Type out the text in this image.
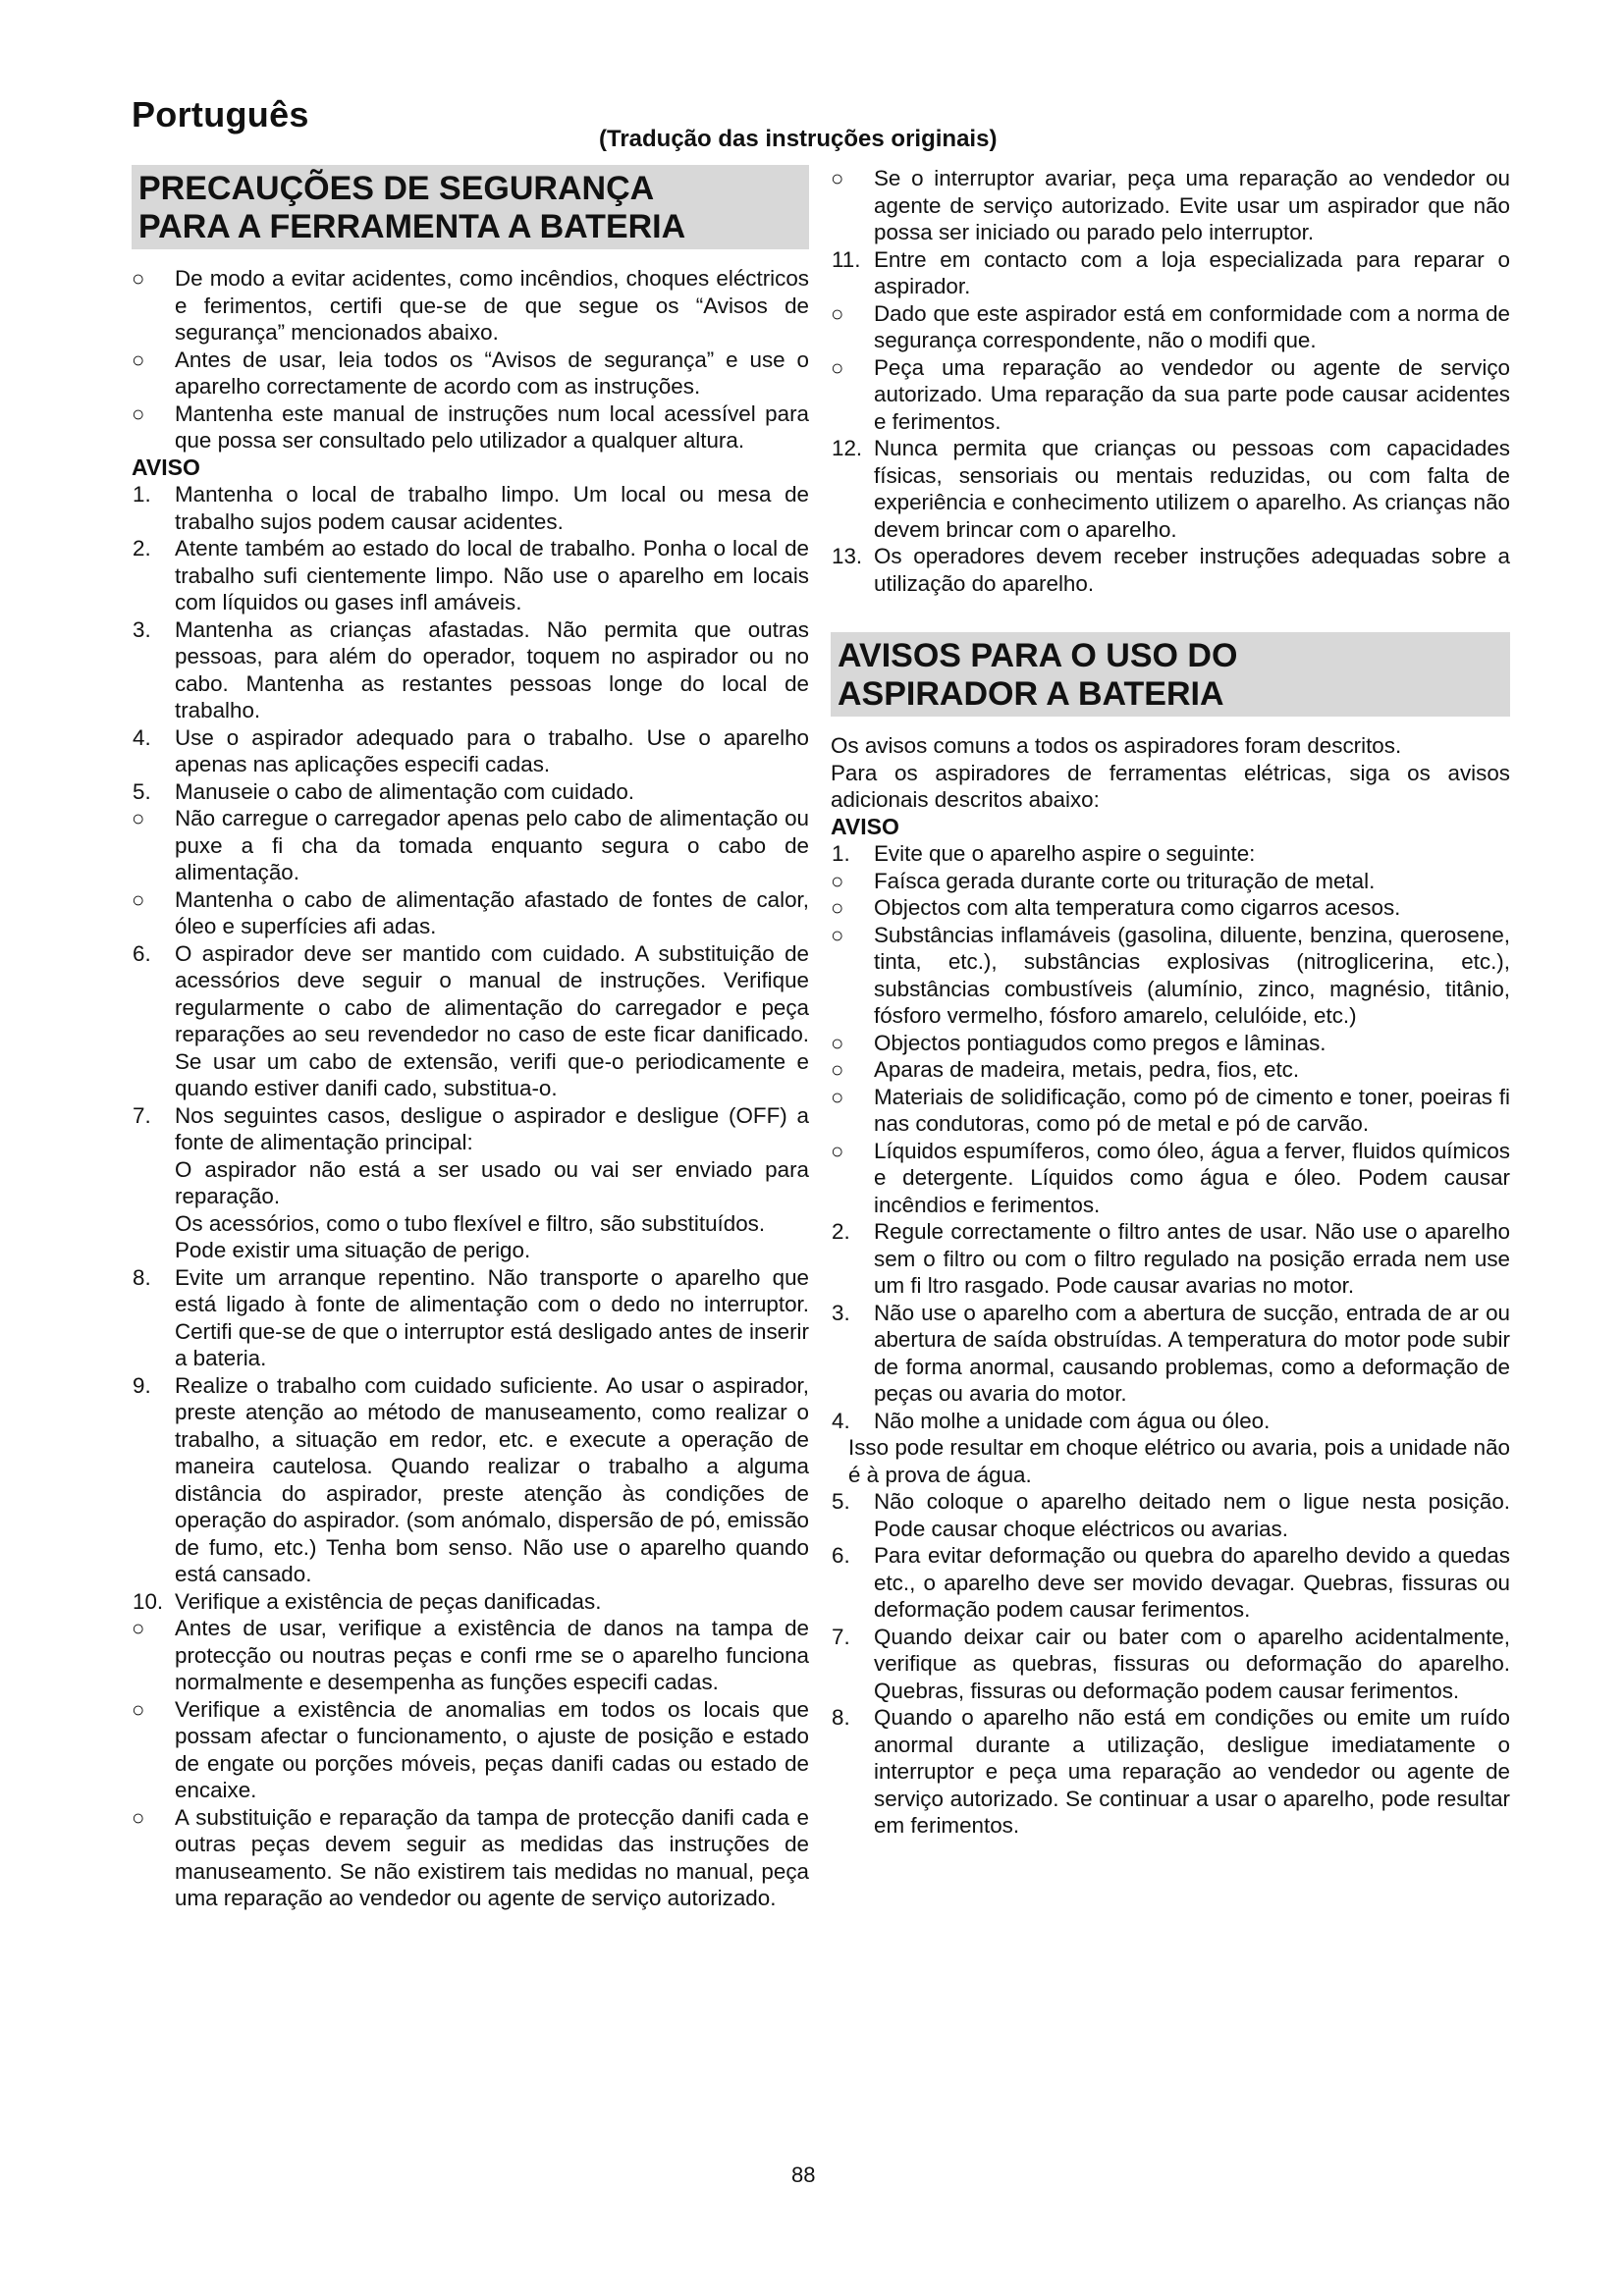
Português
(Tradução das instruções originais)
PRECAUÇÕES DE SEGURANÇA
PARA A FERRAMENTA A BATERIA

○ De modo a evitar acidentes, como incêndios, choques eléctricos e ferimentos, certifi que-se de que segue os “Avisos de segurança” mencionados abaixo.

○ Antes de usar, leia todos os “Avisos de segurança” e use o aparelho correctamente de acordo com as instruções.

○ Mantenha este manual de instruções num local acessível para que possa ser consultado pelo utilizador a qualquer altura.

AVISO

1. Mantenha o local de trabalho limpo. Um local ou mesa de trabalho sujos podem causar acidentes.

2. Atente também ao estado do local de trabalho. Ponha o local de trabalho sufi cientemente limpo. Não use o aparelho em locais com líquidos ou gases infl amáveis.

3. Mantenha as crianças afastadas. Não permita que outras pessoas, para além do operador, toquem no aspirador ou no cabo. Mantenha as restantes pessoas longe do local de trabalho.

4. Use o aspirador adequado para o trabalho. Use o aparelho apenas nas aplicações especifi cadas.

5. Manuseie o cabo de alimentação com cuidado.

○ Não carregue o carregador apenas pelo cabo de alimentação ou puxe a fi cha da tomada enquanto segura o cabo de alimentação.

○ Mantenha o cabo de alimentação afastado de fontes de calor, óleo e superfícies afi adas.

6. O aspirador deve ser mantido com cuidado. A substituição de acessórios deve seguir o manual de instruções. Verifique regularmente o cabo de alimentação do carregador e peça reparações ao seu revendedor no caso de este ficar danificado. Se usar um cabo de extensão, verifi que-o periodicamente e quando estiver danifi cado, substitua-o.

7. Nos seguintes casos, desligue o aspirador e desligue (OFF) a fonte de alimentação principal:

O aspirador não está a ser usado ou vai ser enviado para reparação.

Os acessórios, como o tubo flexível e filtro, são substituídos.

Pode existir uma situação de perigo.

8. Evite um arranque repentino. Não transporte o aparelho que está ligado à fonte de alimentação com o dedo no interruptor. Certifi que-se de que o interruptor está desligado antes de inserir a bateria.

9. Realize o trabalho com cuidado suficiente. Ao usar o aspirador, preste atenção ao método de manuseamento, como realizar o trabalho, a situação em redor, etc. e execute a operação de maneira cautelosa. Quando realizar o trabalho a alguma distância do aspirador, preste atenção às condições de operação do aspirador. (som anómalo, dispersão de pó, emissão de fumo, etc.) Tenha bom senso. Não use o aparelho quando está cansado.

10. Verifique a existência de peças danificadas.

○ Antes de usar, verifique a existência de danos na tampa de protecção ou noutras peças e confi rme se o aparelho funciona normalmente e desempenha as funções especifi cadas.

○ Verifique a existência de anomalias em todos os locais que possam afectar o funcionamento, o ajuste de posição e estado de engate ou porções móveis, peças danifi cadas ou estado de encaixe.

○ A substituição e reparação da tampa de protecção danifi cada e outras peças devem seguir as medidas das instruções de manuseamento. Se não existirem tais medidas no manual, peça uma reparação ao vendedor ou agente de serviço autorizado.

○ Se o interruptor avariar, peça uma reparação ao vendedor ou agente de serviço autorizado. Evite usar um aspirador que não possa ser iniciado ou parado pelo interruptor.

11. Entre em contacto com a loja especializada para reparar o aspirador.

○ Dado que este aspirador está em conformidade com a norma de segurança correspondente, não o modifi que.

○ Peça uma reparação ao vendedor ou agente de serviço autorizado. Uma reparação da sua parte pode causar acidentes e ferimentos.

12. Nunca permita que crianças ou pessoas com capacidades físicas, sensoriais ou mentais reduzidas, ou com falta de experiência e conhecimento utilizem o aparelho. As crianças não devem brincar com o aparelho.

13. Os operadores devem receber instruções adequadas sobre a utilização do aparelho.

AVISOS PARA O USO DO
ASPIRADOR A BATERIA

Os avisos comuns a todos os aspiradores foram descritos.

Para os aspiradores de ferramentas elétricas, siga os avisos adicionais descritos abaixo:

AVISO

1. Evite que o aparelho aspire o seguinte:

○ Faísca gerada durante corte ou trituração de metal.

○ Objectos com alta temperatura como cigarros acesos.

○ Substâncias inflamáveis (gasolina, diluente, benzina, querosene, tinta, etc.), substâncias explosivas (nitroglicerina, etc.), substâncias combustíveis (alumínio, zinco, magnésio, titânio, fósforo vermelho, fósforo amarelo, celulóide, etc.)

○ Objectos pontiagudos como pregos e lâminas.

○ Aparas de madeira, metais, pedra, fios, etc.

○ Materiais de solidificação, como pó de cimento e toner, poeiras fi nas condutoras, como pó de metal e pó de carvão.

○ Líquidos espumíferos, como óleo, água a ferver, fluidos químicos e detergente. Líquidos como água e óleo. Podem causar incêndios e ferimentos.

2. Regule correctamente o filtro antes de usar. Não use o aparelho sem o filtro ou com o filtro regulado na posição errada nem use um fi ltro rasgado. Pode causar avarias no motor.

3. Não use o aparelho com a abertura de sucção, entrada de ar ou abertura de saída obstruídas. A temperatura do motor pode subir de forma anormal, causando problemas, como a deformação de peças ou avaria do motor.

4. Não molhe a unidade com água ou óleo.

Isso pode resultar em choque elétrico ou avaria, pois a unidade não é à prova de água.

5. Não coloque o aparelho deitado nem o ligue nesta posição. Pode causar choque eléctricos ou avarias.

6. Para evitar deformação ou quebra do aparelho devido a quedas etc., o aparelho deve ser movido devagar. Quebras, fissuras ou deformação podem causar ferimentos.

7. Quando deixar cair ou bater com o aparelho acidentalmente, verifique as quebras, fissuras ou deformação do aparelho. Quebras, fissuras ou deformação podem causar ferimentos.

8. Quando o aparelho não está em condições ou emite um ruído anormal durante a utilização, desligue imediatamente o interruptor e peça uma reparação ao vendedor ou agente de serviço autorizado. Se continuar a usar o aparelho, pode resultar em ferimentos.

88
